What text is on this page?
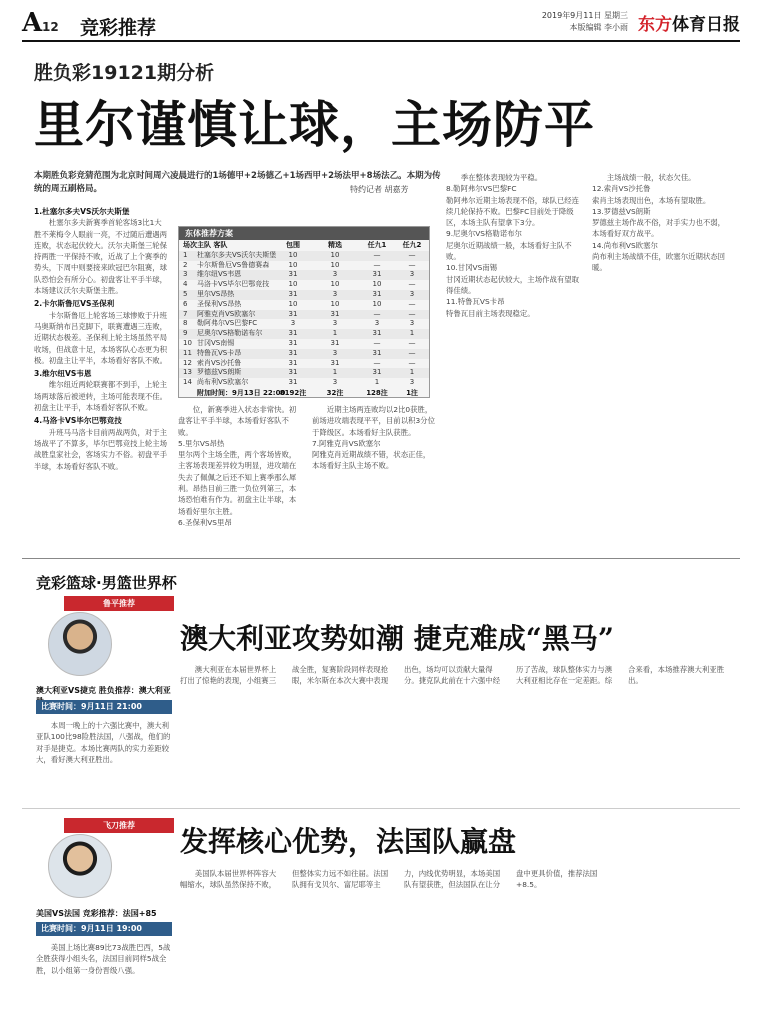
A 12 竞彩推荐
2019年9月11日 星期三
本版编辑 李小雨 东方体育日报
胜负彩19121期分析
里尔谨慎让球，主场防平
本期胜负彩竞猜范围为北京时间周六凌晨进行的1场德甲+2场德乙+1场西甲+2场法甲+8场法乙。本期为传统的周五刷格局。	特约记者 胡嘉芳
1.杜塞尔多夫VS沃尔夫斯堡

杜塞尔多夫新赛季首轮客场3比1大胜不莱梅令人眼前一亮，不过随后遭遇两连败，状态起伏较大。沃尔夫斯堡三轮保持两胜一平保持不败，近战了上个赛季的势头，下周中则要接来欧冠巴尔阻赛，球队恐怕会有所分心。初盘客让平手半球，本场建议沃尔夫斯堡主胜。

2.卡尔斯鲁厄VS圣保利

卡尔斯鲁厄上轮客场三球惨败于升班马奥斯纳布吕克脚下，联赛遭遇三连败，近期状态极差。圣保利上轮主场虽然平局收场，但战意十足，本场客队心态更为积极。初盘主让平半，本场看好客队不败。

3.维尔纽VS韦恩

维尔纽近两轮联赛都不到手，上轮主场两球落后被逆转，主场可能表现不佳。初盘主让平手，本场看好客队不败。

4.马洛卡VS毕尔巴鄂竞技

升班马马洛卡目前两战两负，对于主场战平了不算多，毕尔巴鄂竞技上轮主场战胜皇家社会，客场实力不俗。初盘平手半球，本场看好客队不败。

东体推荐方案
场次 主队 客队	包围	精选	任九1	任九2
1	杜塞尔多夫VS沃尔夫斯堡	10	10	—	—
2	卡尔斯鲁厄VS鲁德赛森	10	10	—	—
3	维尔纽VS韦恩	31	3	31	3
4	马洛卡VS毕尔巴鄂竞技	10	10	10	—
5	里尔VS昂热	31	3	31	3
6	圣保利VS昂热	10	10	10	—
7	阿雅克肖VS欧塞尔	31	31	—	—
8	勒阿弗尔VS巴黎FC	3	3	3	3
9	尼奥尔VS格勒诺布尔	31	1	31	1
10 甘冈VS南锡	31	31	—	—
11 特鲁瓦VS卡昂	31	3	31	—
12 索肖VS沙托鲁	31	31	—	—
13 罗德兹VS朗斯	31	1	31	1
14 尚布利VS欧塞尔	31	3	1	3
附加时间：9月13日 22:00
8192注	32注	128注	1注

位，新赛季进入状态非常快。初盘客让平手半球，本场看好客队不败。
5.里尔VS昂热
里尔两个主场全胜，两个客场皆败，主客场表现差异较为明显，进攻端在失去了佩佩之后还不知上赛季那么犀利。昂热目前三胜一负位列第三，本场恐怕难有作为。初盘主让半球，本场看好里尔主胜。
6.圣保利VS里昂

近期主场两连败均以2比0获胜，前场进攻端表现平平，目前以积3分位于降级区。本场看好主队获胜。
7.阿雅克肖VS欧塞尔
阿雅克肖近期战绩不错，状态正佳，本场看好主队主场不败。

季在整体表现较为平稳。
8.勒阿弗尔VS巴黎FC
勒阿弗尔近期主场表现不俗，球队已经连续几轮保持不败。巴黎FC目前处于降级区，本场主队有望拿下3分。
9.尼奥尔VS格勒诺布尔
尼奥尔近期战绩一般，本场看好主队不败。
10.甘冈VS南锡
甘冈近期状态起伏较大，主场作战有望取得佳绩。
11.特鲁瓦VS卡昂
特鲁瓦目前主场表现稳定。

主场战绩一般，状态欠佳。
12.索肖VS沙托鲁
索肖主场表现出色，本场有望取胜。
13.罗德兹VS朗斯
罗德兹主场作战不俗，对手实力也不弱，本场看好双方战平。
14.尚布利VS欧塞尔
尚布利主场战绩不佳，欧塞尔近期状态回暖。

竞彩篮球·男篮世界杯
鲁平推荐
澳大利亚VS捷克 胜负推荐：澳大利亚
比赛时间：9月11日 21:00

本周一晚上的十六强比赛中，澳大利亚队100比98险胜法国，八强战，他们的对手是捷克。本场比赛两队的实力差距较大，看好澳大利亚胜出。

澳大利亚攻势如潮 捷克难成“黑马”

澳大利亚在本届世界杯上打出了惊艳的表现，小组赛三战全胜，复赛阶段同样表现抢眼，米尔斯在本次大赛中表现出色，场均可以贡献大量得分。捷克队此前在十六强中经历了苦战，球队整体实力与澳大利亚相比存在一定差距。综合来看，本场推荐澳大利亚胜出。

飞刀推荐
美国VS法国 竞彩推荐：法国+85
比赛时间：9月11日 19:00

美国上场比赛89比73战胜巴西，5战全胜获得小组头名，法国目前同样5战全胜，以小组第一身份晋级八强。

发挥核心优势，法国队赢盘

美国队本届世界杯阵容大幅缩水，球队虽然保持不败，但整体实力远不如往届。法国队拥有戈贝尔、富尼耶等主力，内线优势明显，本场美国队有望获胜，但法国队在让分盘中更具价值，推荐法国+8.5。
